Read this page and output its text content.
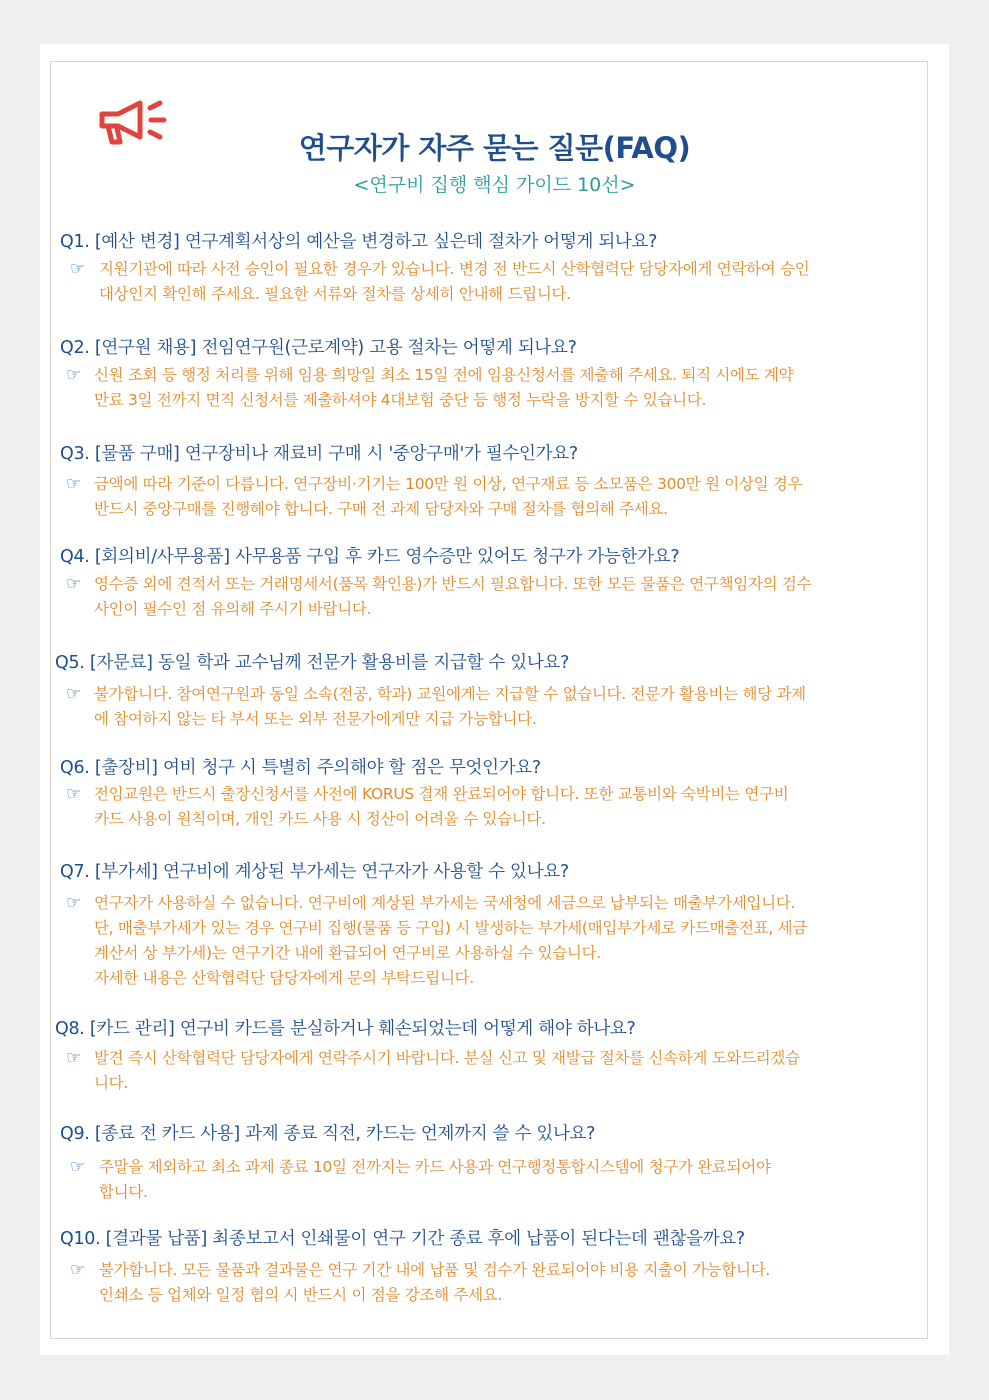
연구자가 자주 묻는 질문(FAQ)
<연구비 집행 핵심 가이드 10선>
Q1. [예산 변경] 연구계획서상의 예산을 변경하고 싶은데 절차가 어떻게 되나요?
☞ 지원기관에 따라 사전 승인이 필요한 경우가 있습니다. 변경 전 반드시 산학협력단 담당자에게 연락하여 승인
대상인지 확인해 주세요. 필요한 서류와 절차를 상세히 안내해 드립니다.
Q2. [연구원 채용] 전임연구원(근로계약) 고용 절차는 어떻게 되나요?
☞ 신원 조회 등 행정 처리를 위해 임용 희망일 최소 15일 전에 임용신청서를 제출해 주세요. 퇴직 시에도 계약
만료 3일 전까지 면직 신청서를 제출하셔야 4대보험 중단 등 행정 누락을 방지할 수 있습니다.
Q3. [물품 구매] 연구장비나 재료비 구매 시 '중앙구매'가 필수인가요?
☞ 금액에 따라 기준이 다릅니다. 연구장비·기기는 100만 원 이상, 연구재료 등 소모품은 300만 원 이상일 경우
반드시 중앙구매를 진행해야 합니다. 구매 전 과제 담당자와 구매 절차를 협의해 주세요.
Q4. [회의비/사무용품] 사무용품 구입 후 카드 영수증만 있어도 청구가 가능한가요?
☞ 영수증 외에 견적서 또는 거래명세서(품목 확인용)가 반드시 필요합니다. 또한 모든 물품은 연구책임자의 검수
사인이 필수인 점 유의해 주시기 바랍니다.
Q5. [자문료] 동일 학과 교수님께 전문가 활용비를 지급할 수 있나요?
☞ 불가합니다. 참여연구원과 동일 소속(전공, 학과) 교원에게는 지급할 수 없습니다. 전문가 활용비는 해당 과제
에 참여하지 않는 타 부서 또는 외부 전문가에게만 지급 가능합니다.
Q6. [출장비] 여비 청구 시 특별히 주의해야 할 점은 무엇인가요?
☞ 전임교원은 반드시 출장신청서를 사전에 KORUS 결재 완료되어야 합니다. 또한 교통비와 숙박비는 연구비
카드 사용이 원칙이며, 개인 카드 사용 시 정산이 어려울 수 있습니다.
Q7. [부가세] 연구비에 계상된 부가세는 연구자가 사용할 수 있나요?
☞ 연구자가 사용하실 수 없습니다. 연구비에 계상된 부가세는 국세청에 세금으로 납부되는 매출부가세입니다.
단, 매출부가세가 있는 경우 연구비 집행(물품 등 구입) 시 발생하는 부가세(매입부가세로 카드매출전표, 세금
계산서 상 부가세)는 연구기간 내에 환급되어 연구비로 사용하실 수 있습니다.
자세한 내용은 산학협력단 담당자에게 문의 부탁드립니다.
Q8. [카드 관리] 연구비 카드를 분실하거나 훼손되었는데 어떻게 해야 하나요?
☞ 발견 즉시 산학협력단 담당자에게 연락주시기 바랍니다. 분실 신고 및 재발급 절차를 신속하게 도와드리겠습
니다.
Q9. [종료 전 카드 사용] 과제 종료 직전, 카드는 언제까지 쓸 수 있나요?
☞ 주말을 제외하고 최소 과제 종료 10일 전까지는 카드 사용과 연구행정통합시스템에 청구가 완료되어야
합니다.
Q10. [결과물 납품] 최종보고서 인쇄물이 연구 기간 종료 후에 납품이 된다는데 괜찮을까요?
☞ 불가합니다. 모든 물품과 결과물은 연구 기간 내에 납품 및 검수가 완료되어야 비용 지출이 가능합니다.
인쇄소 등 업체와 일정 협의 시 반드시 이 점을 강조해 주세요.
